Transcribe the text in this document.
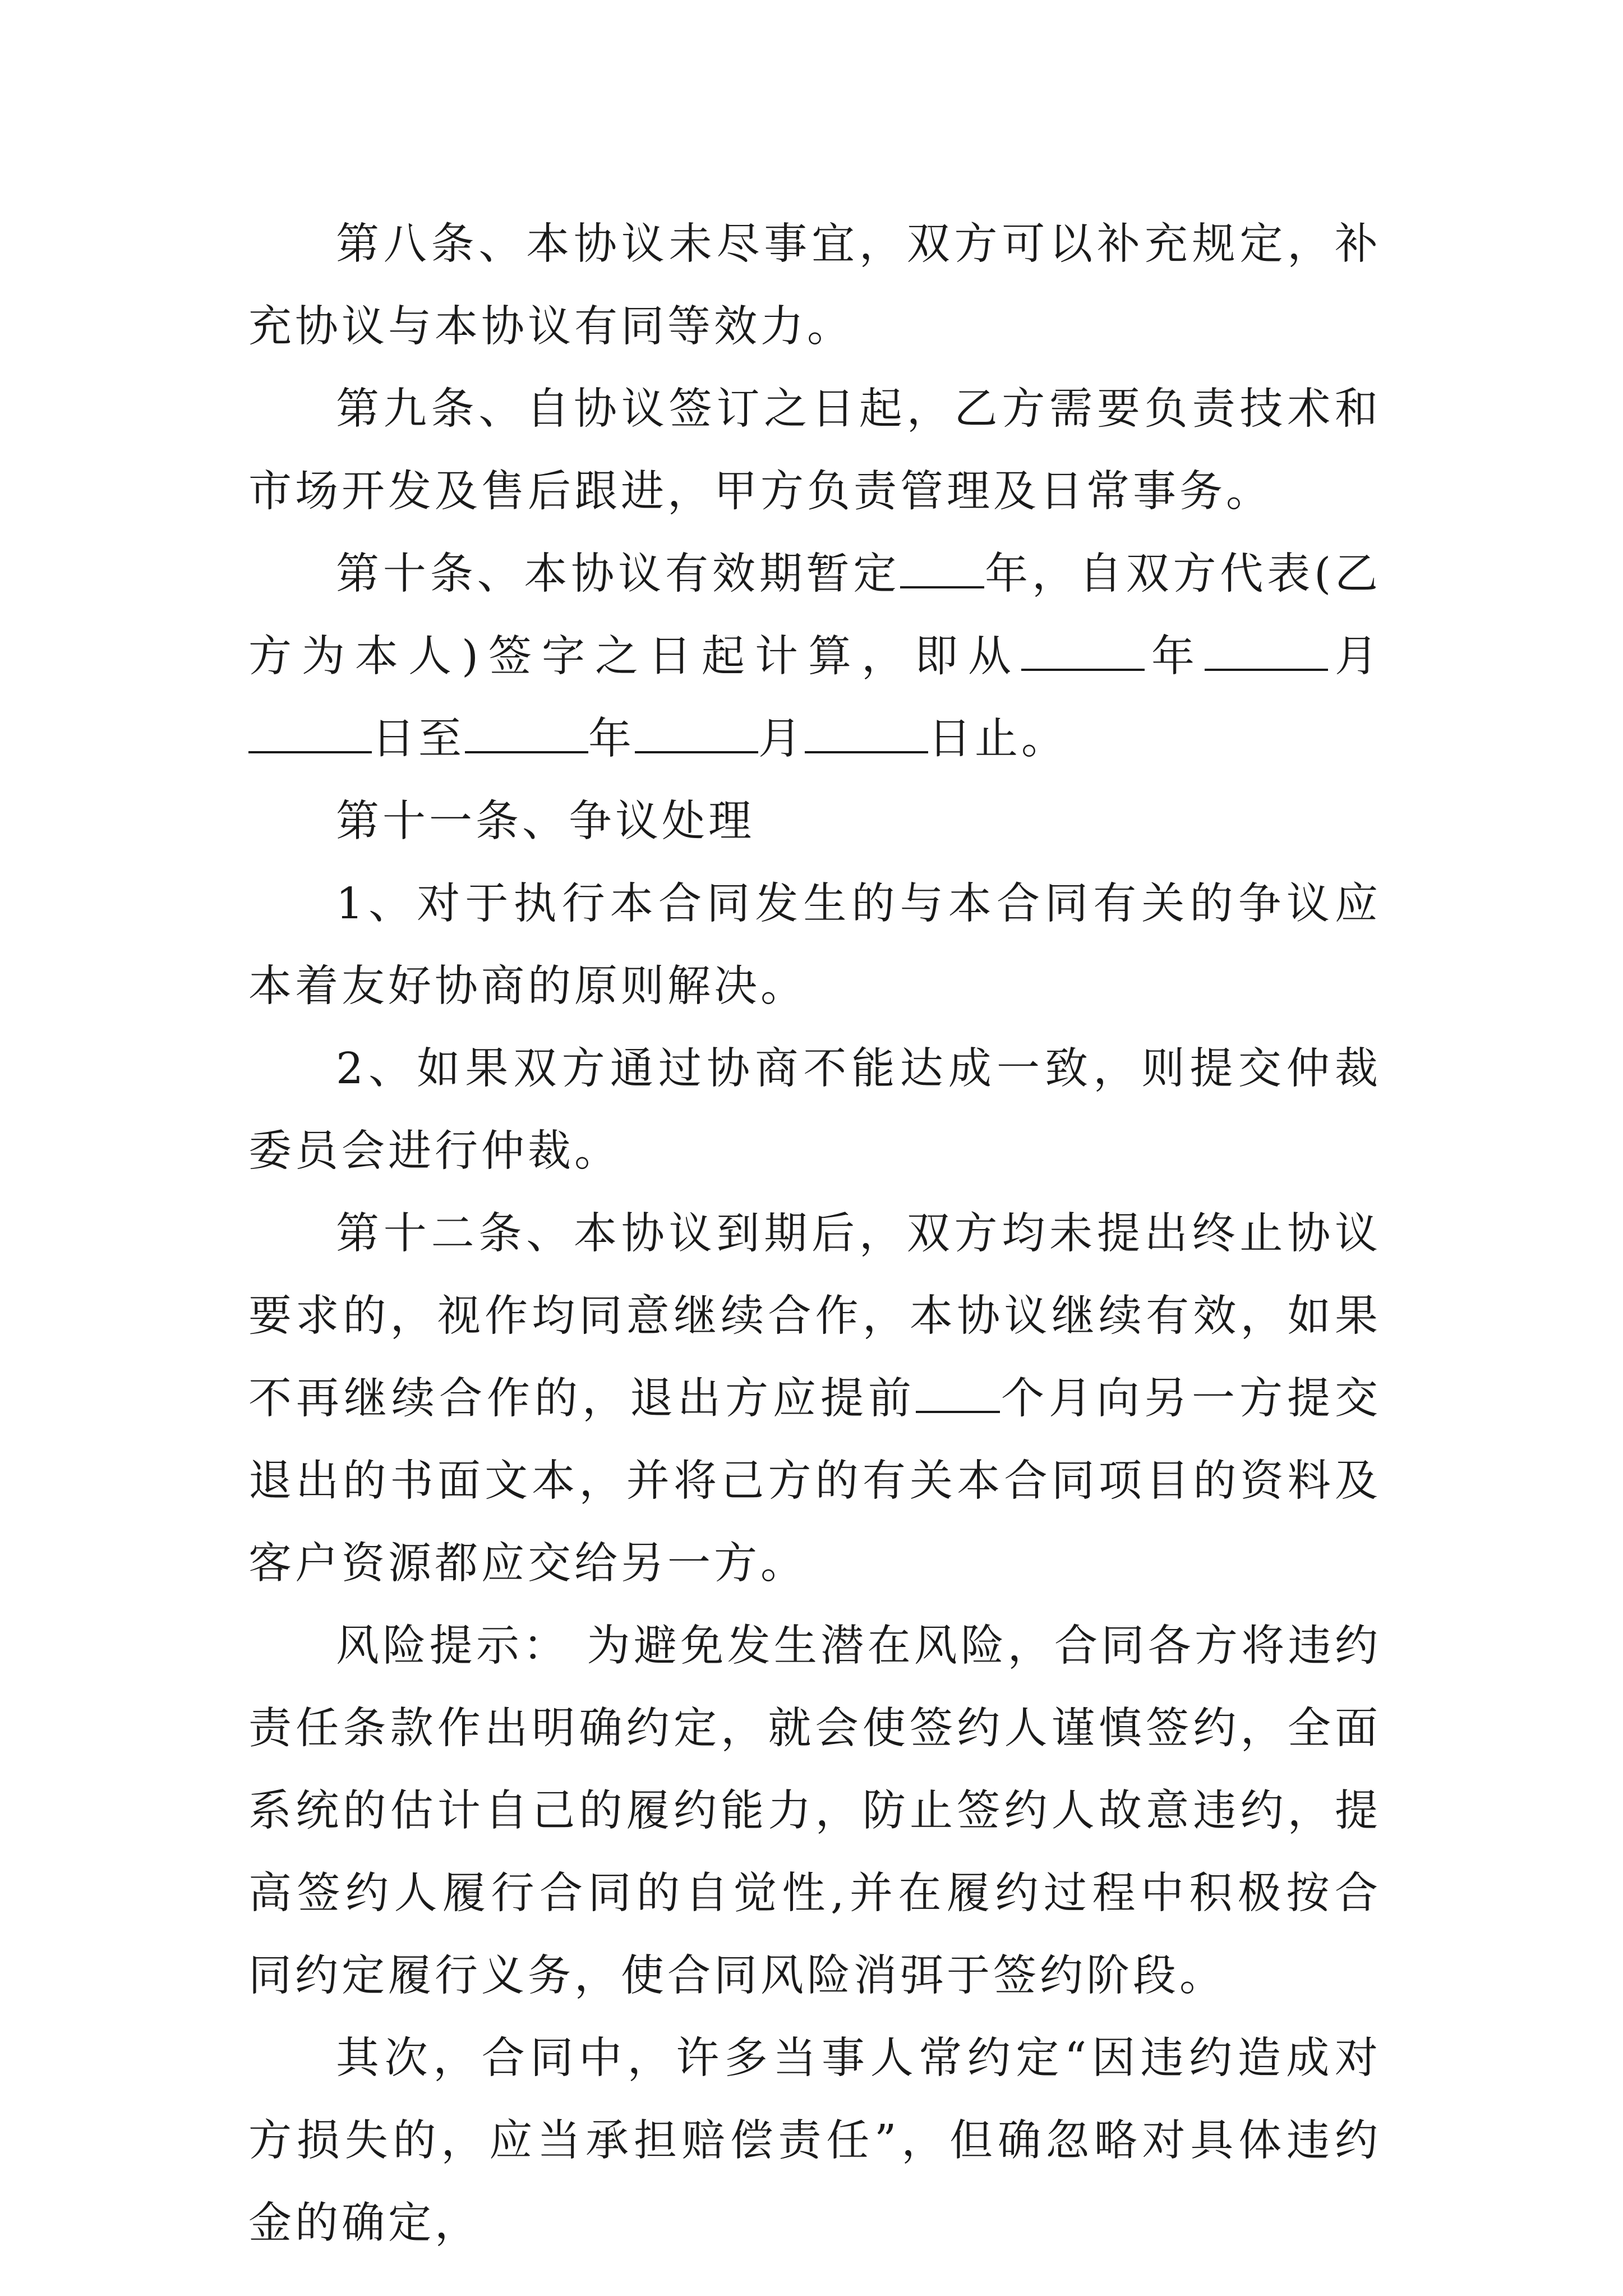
第八条、本协议未尽事宜，双方可以补充规定，补充协议与本协议有同等效力。

第九条、自协议签订之日起，乙方需要负责技术和市场开发及售后跟进，甲方负责管理及日常事务。

第十条、本协议有效期暂定 年，自双方代表(乙方为本人)签字之日起计算，即从	年	月日至	年	月	日止。

第十一条、争议处理

1、对于执行本合同发生的与本合同有关的争议应本着友好协商的原则解决。

2、如果双方通过协商不能达成一致，则提交仲裁委员会进行仲裁。

第十二条、本协议到期后，双方均未提出终止协议要求的，视作均同意继续合作，本协议继续有效，如果不再继续合作的，退出方应提前 个月向另一方提交退出的书面文本，并将己方的有关本合同项目的资料及客户资源都应交给另一方。

风险提示： 为避免发生潜在风险，合同各方将违约责任条款作出明确约定，就会使签约人谨慎签约，全面系统的估计自己的履约能力，防止签约人故意违约，提高签约人履行合同的自觉性,并在履约过程中积极按合同约定履行义务，使合同风险消弭于签约阶段。

其次，合同中，许多当事人常约定“因违约造成对方损失的，应当承担赔偿责任”，但确忽略对具体违约金的确定，
